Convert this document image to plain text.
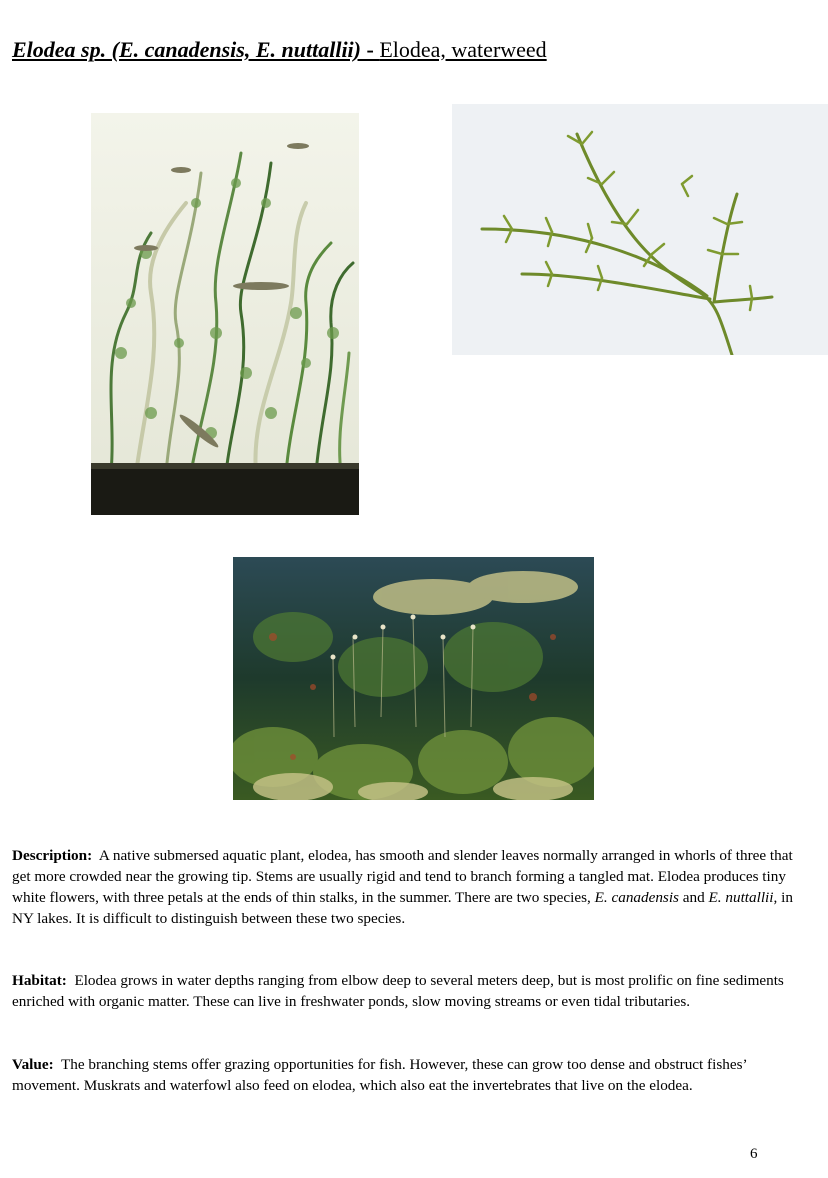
Elodea sp. (E. canadensis, E. nuttallii) - Elodea, waterweed
Description: A native submersed aquatic plant, elodea, has smooth and slender leaves normally arranged in whorls of three that get more crowded near the growing tip. Stems are usually rigid and tend to branch forming a tangled mat. Elodea produces tiny white flowers, with three petals at the ends of thin stalks, in the summer. There are two species, E. canadensis and E. nuttallii, in NY lakes. It is difficult to distinguish between these two species.
Habitat: Elodea grows in water depths ranging from elbow deep to several meters deep, but is most prolific on fine sediments enriched with organic matter. These can live in freshwater ponds, slow moving streams or even tidal tributaries.
Value: The branching stems offer grazing opportunities for fish. However, these can grow too dense and obstruct fishes’ movement. Muskrats and waterfowl also feed on elodea, which also eat the invertebrates that live on the elodea.
6
